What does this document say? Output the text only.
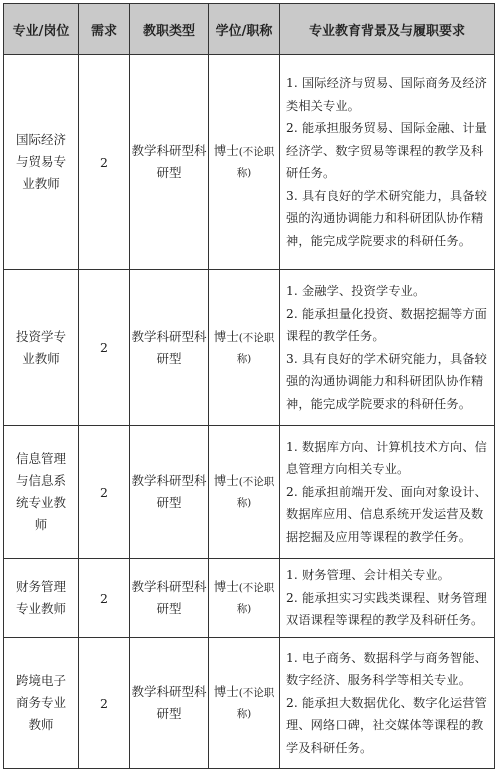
专业/岗位	需求	教职类型	学位/职称	专业教育背景及与履职要求
国际经济与贸易专业教师	2	教学科研型科研型	博士(不论职称)	1. 国际经济与贸易、国际商务及经济类相关专业。
2. 能承担服务贸易、国际金融、计量经济学、数字贸易等课程的教学及科研任务。
3. 具有良好的学术研究能力，具备较强的沟通协调能力和科研团队协作精神，能完成学院要求的科研任务。

投资学专业教师	2	教学科研型科研型	博士(不论职称)	1. 金融学、投资学专业。
2. 能承担量化投资、数据挖掘等方面课程的教学任务。
3. 具有良好的学术研究能力，具备较强的沟通协调能力和科研团队协作精神，能完成学院要求的科研任务。

信息管理与信息系统专业教师	2	教学科研型科研型	博士(不论职称)	1. 数据库方向、计算机技术方向、信息管理方向相关专业。
2. 能承担前端开发、面向对象设计、数据库应用、信息系统开发运营及数据挖掘及应用等课程的教学任务。

财务管理专业教师	2	教学科研型科研型	博士(不论职称)	1. 财务管理、会计相关专业。
2. 能承担实习实践类课程、财务管理双语课程等课程的教学及科研任务。

跨境电子商务专业教师	2	教学科研型科研型	博士(不论职称)	1. 电子商务、数据科学与商务智能、数字经济、服务科学等相关专业。
2. 能承担大数据优化、数字化运营管理、网络口碑，社交媒体等课程的教学及科研任务。
